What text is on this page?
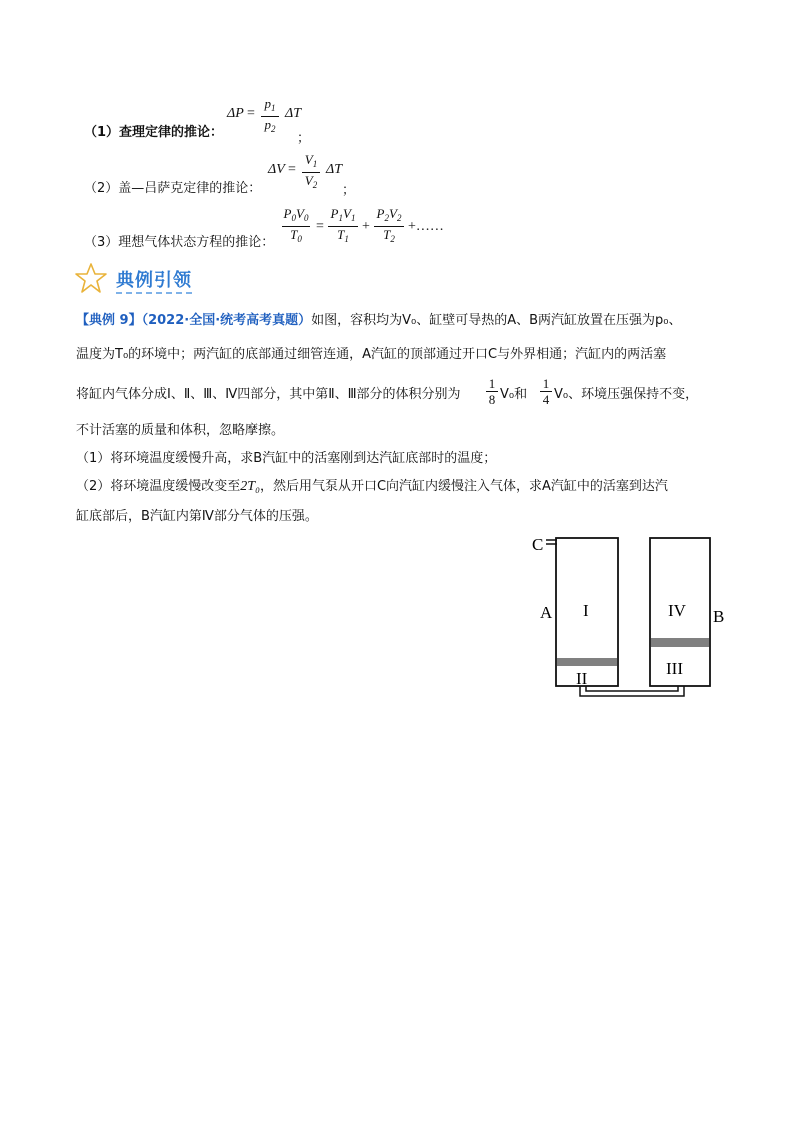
$\Delta P = \frac{p_1}{p_2}$ ΔT
（1）查理定律的推论：	；
$\Delta V = \frac{V_1}{V_2}$ ΔT
（2）盖—吕萨克定律的推论：	；
（3）理想气体状态方程的推论： $\frac{P_0V_0}{T_0} = \frac{P_1V_1}{T_1} + \frac{P_2V_2}{T_2}$ +……
典例引领
【典例 9】（2022·全国·统考高考真题）如图，容积均为V₀、缸壁可导热的A、B两汽缸放置在压强为p₀、
温度为T₀的环境中；两汽缸的底部通过细管连通，A汽缸的顶部通过开口C与外界相通；汽缸内的两活塞
将缸内气体分成Ⅰ、Ⅱ、Ⅲ、Ⅳ四部分，其中第Ⅱ、Ⅲ部分的体积分别为 $\frac{1}{8} V_0$和 $\frac{1}{4} V_0$、环境压强保持不变，
不计活塞的质量和体积，忽略摩擦。
（1）将环境温度缓慢升高，求B汽缸中的活塞刚到达汽缸底部时的温度；
（2）将环境温度缓慢改变至2T₀，然后用气泵从开口C向汽缸内缓慢注入气体，求A汽缸中的活塞到达汽
缸底部后，B汽缸内第Ⅳ部分气体的压强。
C
A	B
I
II
III
IV
